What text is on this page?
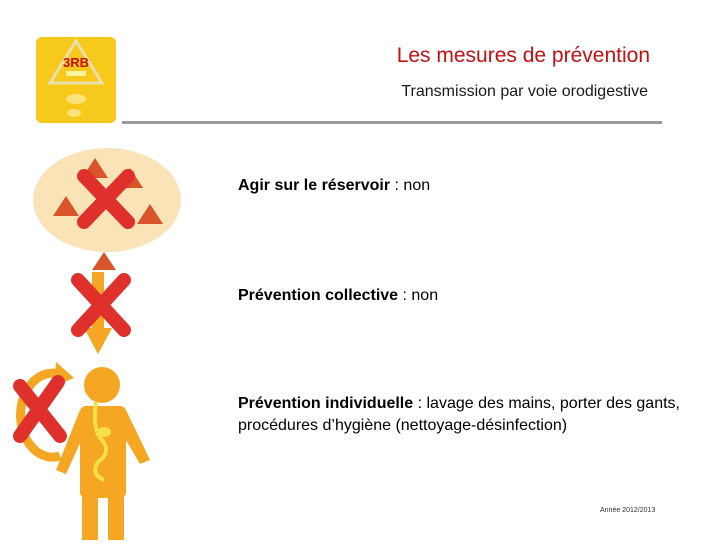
3RB	Les mesures de prévention
Transmission par voie orodigestive
Agir sur le réservoir : non
Prévention collective : non
Prévention individuelle : lavage des mains, porter des gants, procédures d’hygiène (nettoyage-désinfection)
Année 2012/2013
